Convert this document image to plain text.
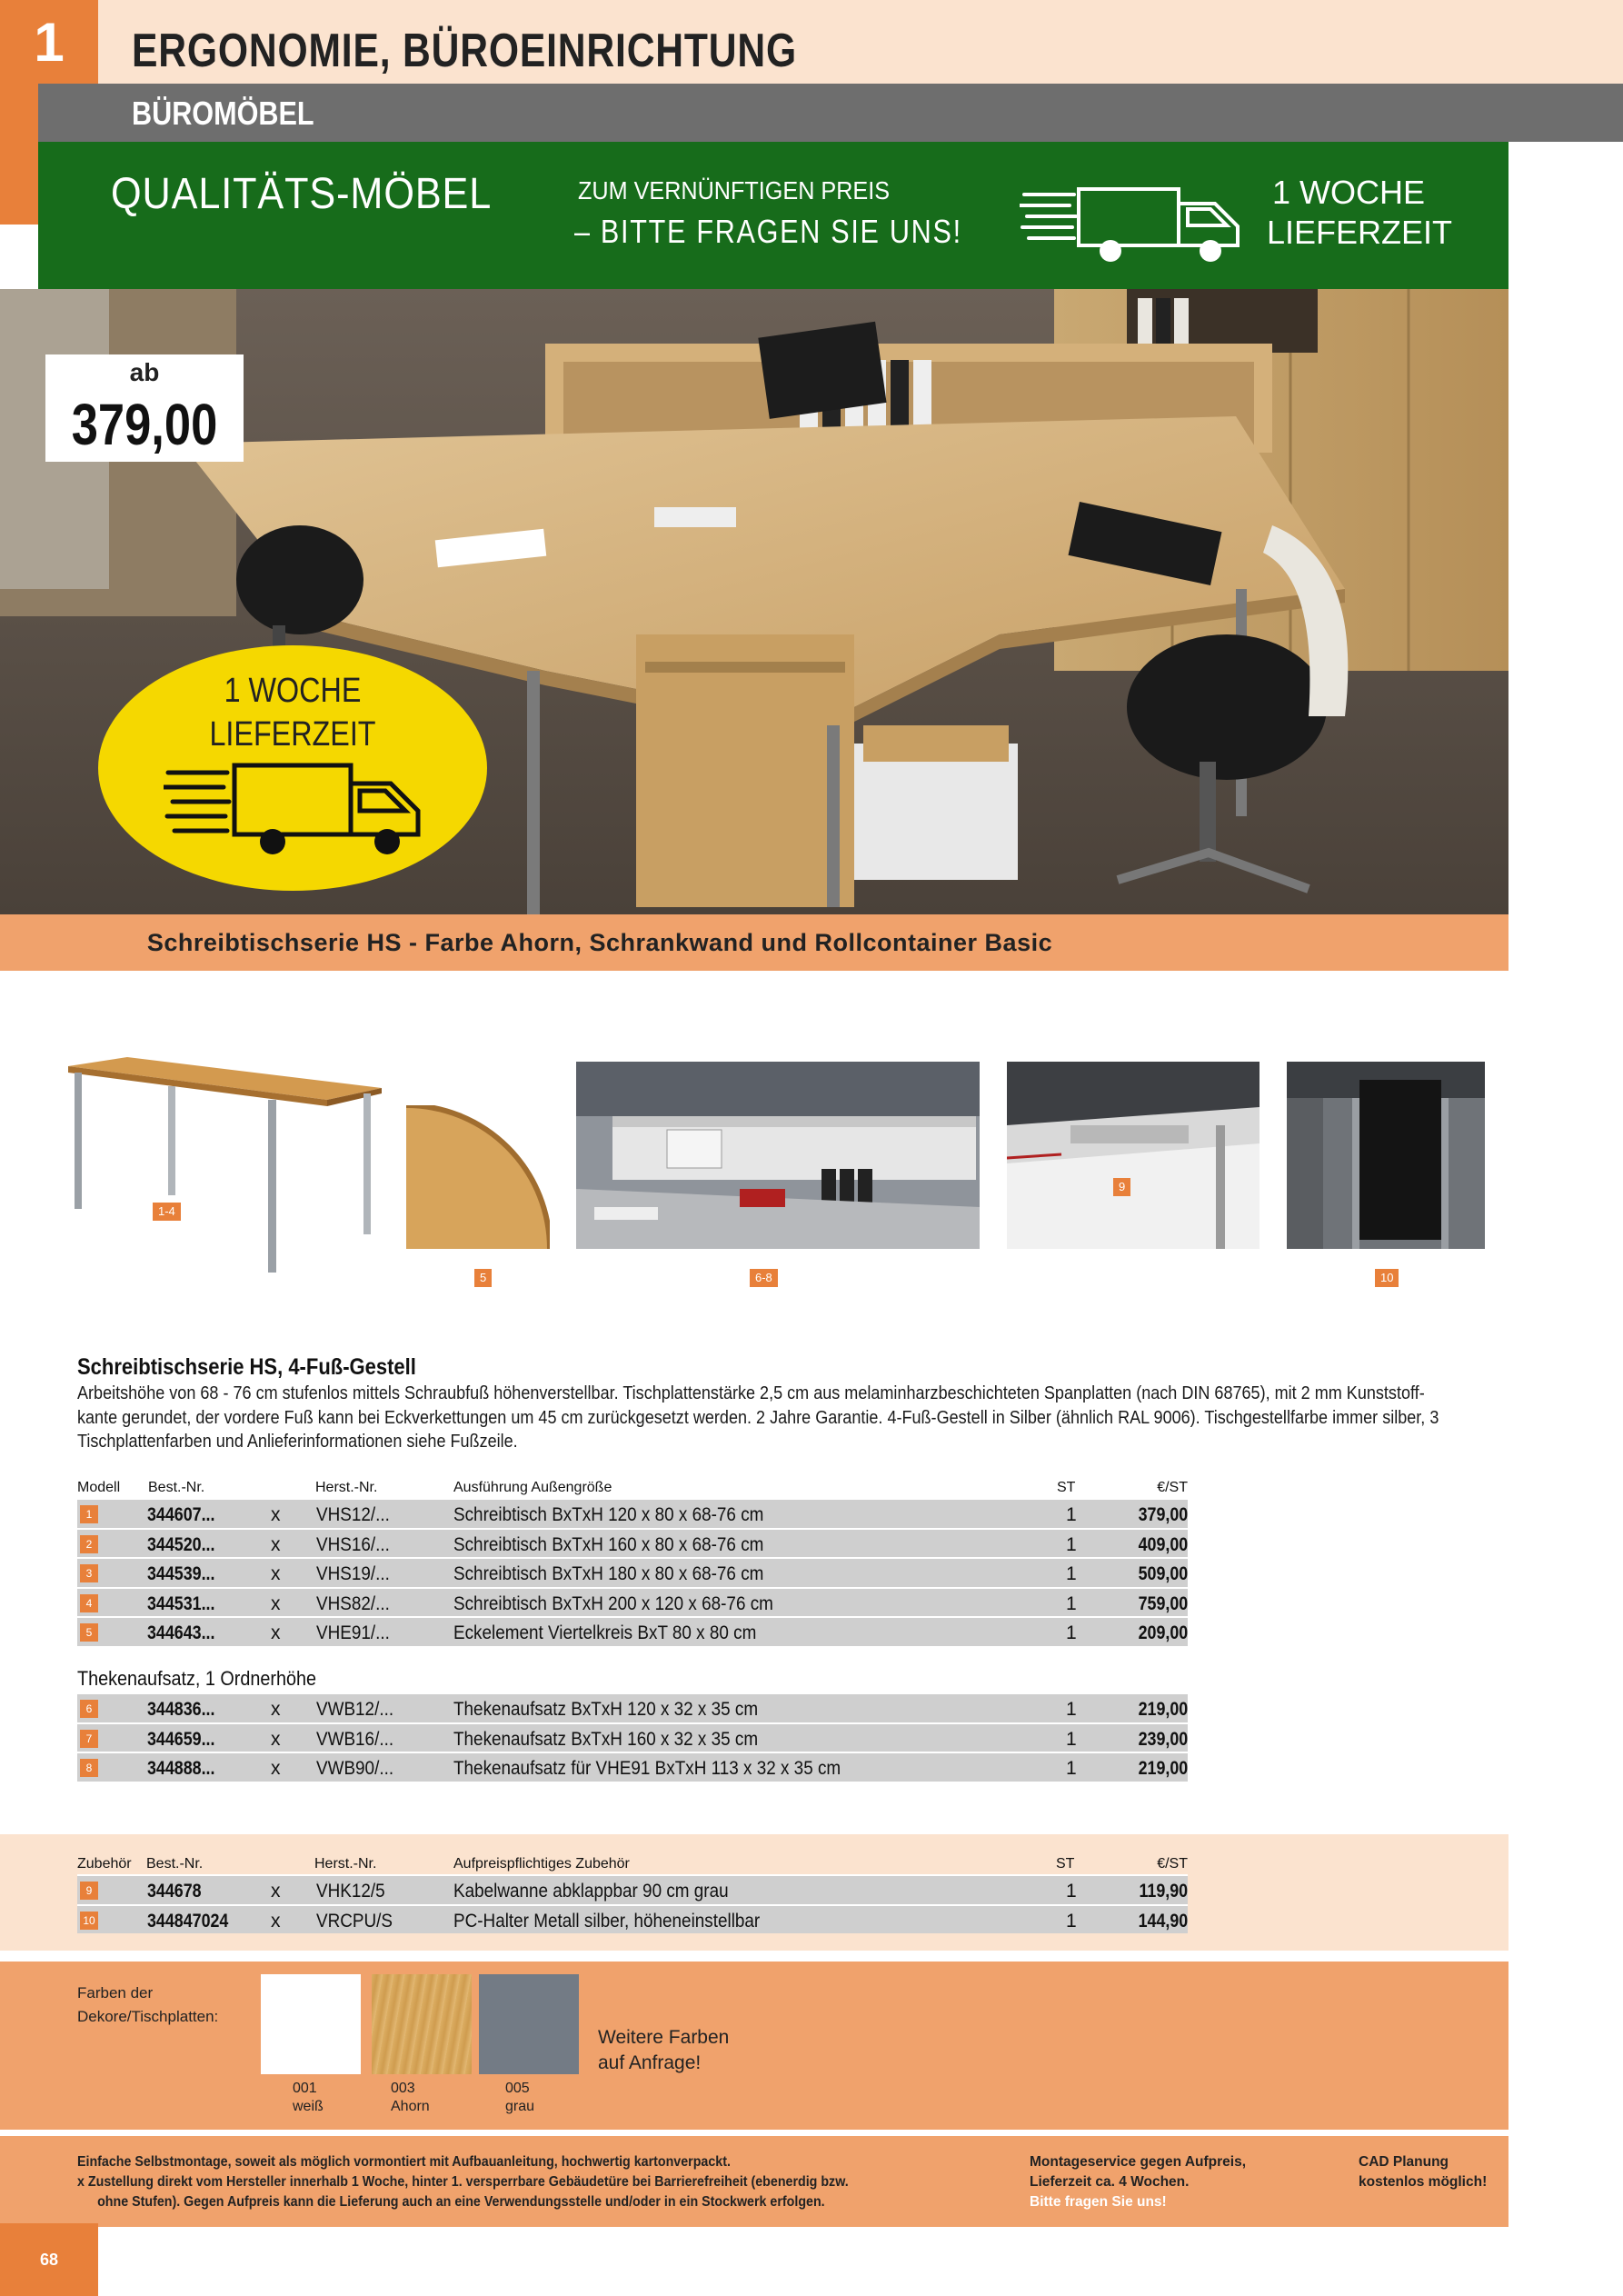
1	ERGONOMIE, BÜROEINRICHTUNG
BÜROMÖBEL
QUALITÄTS-MÖBEL	ZUM VERNÜNFTIGEN PREIS
– BITTE FRAGEN SIE UNS!
1 WOCHE
LIEFERZEIT
ab
379,00
1 WOCHE
LIEFERZEIT
Schreibtischserie HS - Farbe Ahorn, Schrankwand und Rollcontainer Basic
1-4
5	6-8
9
10
Schreibtischserie HS, 4-Fuß-Gestell
Arbeitshöhe von 68 - 76 cm stufenlos mittels Schraubfuß höhenverstellbar. Tischplattenstärke 2,5 cm aus melaminharzbeschichteten Spanplatten (nach DIN 68765), mit 2 mm Kunststoff-kante gerundet, der vordere Fuß kann bei Eckverkettungen um 45 cm zurückgesetzt werden. 2 Jahre Garantie. 4-Fuß-Gestell in Silber (ähnlich RAL 9006). Tischgestellfarbe immer silber, 3 Tischplattenfarben und Anlieferinformationen siehe Fußzeile.
Modell Best.-Nr.	Herst.-Nr.	Ausführung Außengröße	ST	€/ST
1	344607...	x VHS12/...	Schreibtisch BxTxH 120 x 80 x 68-76 cm	1	379,00
2	344520...	x VHS16/...	Schreibtisch BxTxH 160 x 80 x 68-76 cm	1	409,00
3	344539...	x VHS19/...	Schreibtisch BxTxH 180 x 80 x 68-76 cm	1	509,00
4	344531...	x VHS82/...	Schreibtisch BxTxH 200 x 120 x 68-76 cm	1	759,00
5	344643...	x VHE91/...	Eckelement Viertelkreis BxT 80 x 80 cm	1	209,00
Thekenaufsatz, 1 Ordnerhöhe
6	344836...	x VWB12/...	Thekenaufsatz BxTxH 120 x 32 x 35 cm	1	219,00
7	344659...	x VWB16/...	Thekenaufsatz BxTxH 160 x 32 x 35 cm	1	239,00
8	344888...	x VWB90/...	Thekenaufsatz für VHE91 BxTxH 113 x 32 x 35 cm	1	219,00
Zubehör Best.-Nr.	Herst.-Nr.	Aufpreispflichtiges Zubehör	ST	€/ST
9	344678	x VHK12/5	Kabelwanne abklappbar 90 cm grau	1	119,90
10	344847024 x VRCPU/S	PC-Halter Metall silber, höheneinstellbar	1	144,90
Farben der
Dekore/Tischplatten:
001
weiß
003
Ahorn
005
grau
Weitere Farben
auf Anfrage!
Einfache Selbstmontage, soweit als möglich vormontiert mit Aufbauanleitung, hochwertig kartonverpackt.
x Zustellung direkt vom Hersteller innerhalb 1 Woche, hinter 1. versperrbare Gebäudetüre bei Barrierefreiheit (ebenerdig bzw.
ohne Stufen). Gegen Aufpreis kann die Lieferung auch an eine Verwendungsstelle und/oder in ein Stockwerk erfolgen.
Montageservice gegen Aufpreis,
Lieferzeit ca. 4 Wochen.
Bitte fragen Sie uns!
CAD Planung
kostenlos möglich!
68
